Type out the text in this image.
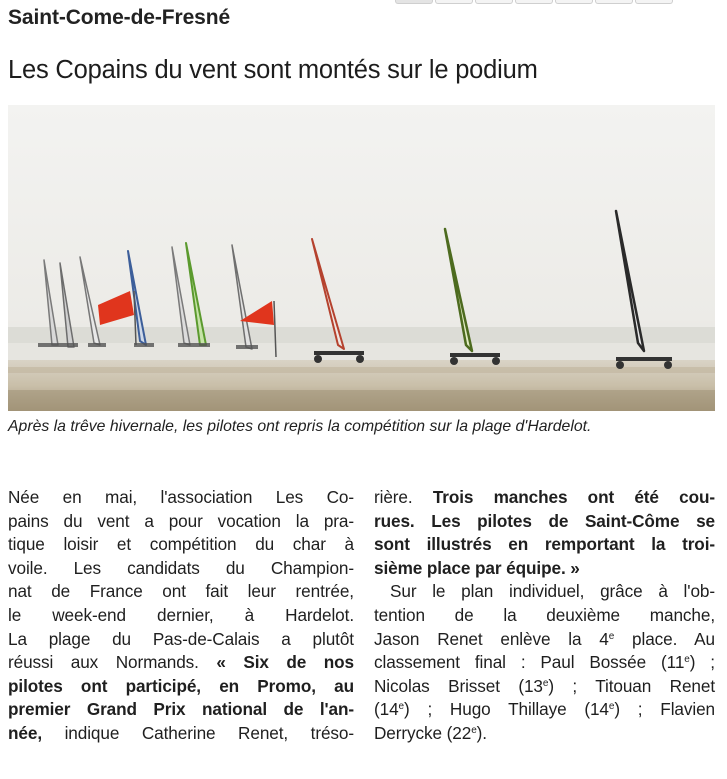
Saint-Come-de-Fresné
Les Copains du vent sont montés sur le podium

Après la trêve hivernale, les pilotes ont repris la compétition sur la plage d'Hardelot.

Née en mai, l'association Les Co-
pains du vent a pour vocation la pra-
tique loisir et compétition du char à
voile. Les candidats du Champion-
nat de France ont fait leur rentrée,
le week-end dernier, à Hardelot.
La plage du Pas-de-Calais a plutôt
réussi aux Normands. « Six de nos
pilotes ont participé, en Promo, au
premier Grand Prix national de l'an-
née, indique Catherine Renet, tréso-
rière. Trois manches ont été cou-
rues. Les pilotes de Saint-Côme se
sont illustrés en remportant la troi-
sième place par équipe. »
Sur le plan individuel, grâce à l'ob-
tention de la deuxième manche,
Jason Renet enlève la 4e place. Au
classement final : Paul Bossée (11e) ;
Nicolas Brisset (13e) ; Titouan Renet
(14e) ; Hugo Thillaye (14e) ; Flavien
Derrycke (22e).
